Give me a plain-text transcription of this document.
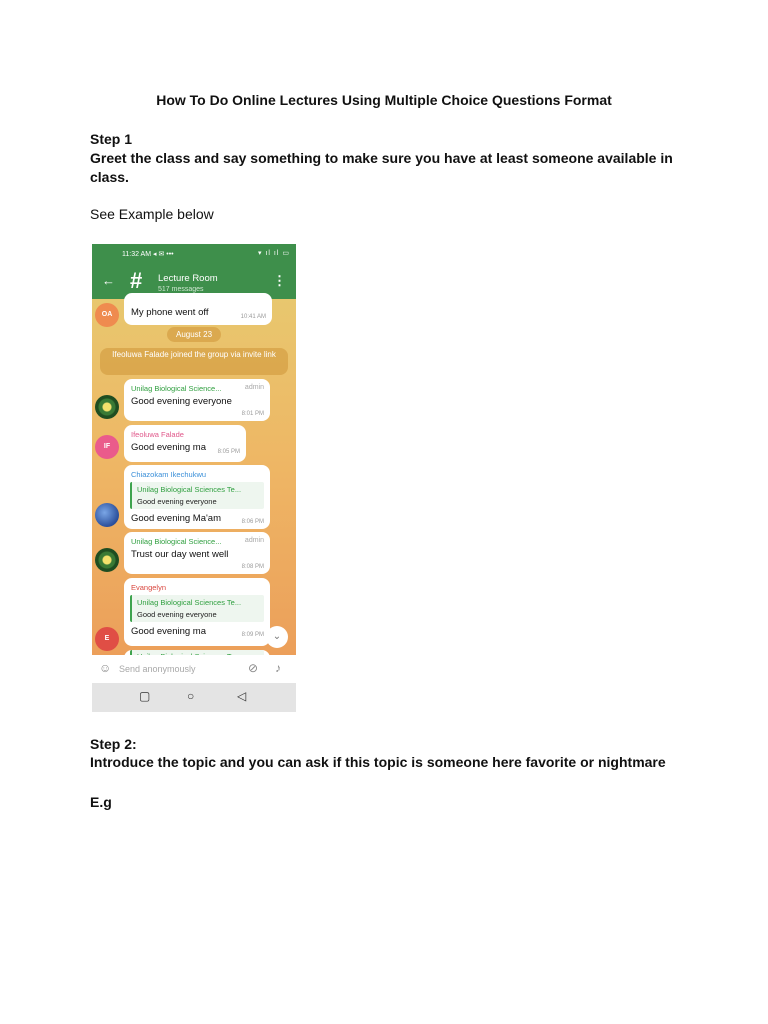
How To Do Online Lectures Using Multiple Choice Questions Format
Step 1
Greet the class and say something to make sure you have at least someone available in class.
See Example below
11:32 AM ◂ ✉ •••	▾ ıl ıl ▭
← # Lecture Room
517 messages
⋮
OA	My phone went off	10:41 AM
August 23
Ifeoluwa Falade joined the group via invite link
Unilag Biological Science...	admin
Good evening everyone
8:01 PM
IF
Ifeoluwa Falade
Good evening ma 8:05 PM
Chiazokam Ikechukwu
Unilag Biological Sciences Te...
Good evening everyone
Good evening Ma'am	8:06 PM
Unilag Biological Science...	admin
Trust our day went well
8:08 PM
E
Evangelyn
Unilag Biological Sciences Te...
Good evening everyone
Good evening ma	8:09 PM ⌄
☺ Send anonymously	⊘ ♪
▢	○	◁
Step 2:
Introduce the topic and you can ask if this topic is someone here favorite or nightmare
E.g
